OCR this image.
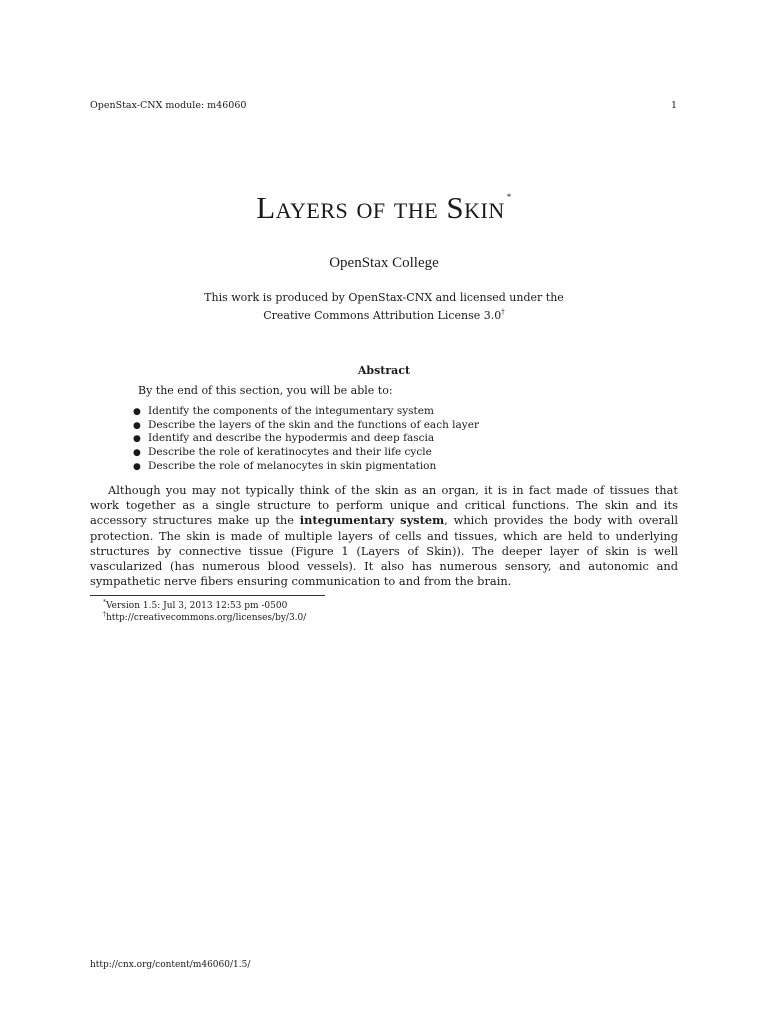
OpenStax-CNX module: m46060	1
Layers of the Skin *
OpenStax College
This work is produced by OpenStax-CNX and licensed under the
Creative Commons Attribution License 3.0†
Abstract
By the end of this section, you will be able to:
● Identify the components of the integumentary system
● Describe the layers of the skin and the functions of each layer
● Identify and describe the hypodermis and deep fascia
● Describe the role of keratinocytes and their life cycle
● Describe the role of melanocytes in skin pigmentation

Although you may not typically think of the skin as an organ, it is in fact made of tissues that work together as a single structure to perform unique and critical functions. The skin and its accessory structures make up the integumentary system, which provides the body with overall protection. The skin is made of multiple layers of cells and tissues, which are held to underlying structures by connective tissue (Figure 1 (Layers of Skin)). The deeper layer of skin is well vascularized (has numerous blood vessels). It also has numerous sensory, and autonomic and sympathetic nerve fibers ensuring communication to and from the brain.

*Version 1.5: Jul 3, 2013 12:53 pm -0500
†http://creativecommons.org/licenses/by/3.0/
http://cnx.org/content/m46060/1.5/
